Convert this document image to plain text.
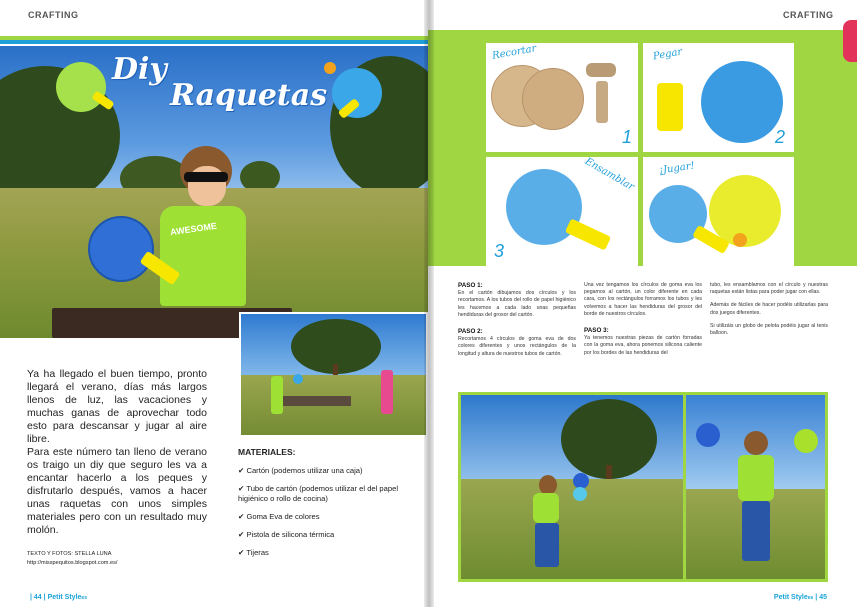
CRAFTING
AWESOME
Diy
Raquetas
Ya ha llegado el buen tiempo, pronto llegará el verano, días más largos llenos de luz, las vacaciones y muchas ganas de aprovechar todo esto para descansar y jugar al aire libre.
Para este número tan lleno de verano os traigo un diy que seguro les va a encantar hacerlo a los peques y disfrutarlo después, vamos a hacer unas raquetas con unos simples materiales pero con un resultado muy molón.
TEXTO Y FOTOS: STELLA LUNA
http://misspequitos.blogspot.com.es/
MATERIALES:
✔ Cartón (podemos utilizar una caja)
✔ Tubo de cartón (podemos utilizar el del papel higiénico o rollo de cocina)
✔ Goma Eva de colores
✔ Pistola de silicona térmica
✔ Tijeras
| 44 | Petit Stylees
CRAFTING
Recortar
1
Pegar
2
Ensamblar
3
¡Jugar!
PASO 1:
En el cartón dibujamos dos círculos y los recortamos. A los tubos del rollo de papel higiénico les hacemos a cada lado unas pequeñas hendiduras del grosor del cartón.
PASO 2:
Recortamos 4 círculos de goma eva de dos colores diferentes y unos rectángulos de la longitud y altura de nuestros tubos de cartón.
Una vez tengamos los círculos de goma eva los pegamos al cartón, un color diferente en cada cara, con los rectángulos forramos los tubos y les volvemos a hacer las hendiduras del grosor del borde de nuestros círculos.
PASO 3:
Ya tenemos nuestras piezas de cartón forradas con la goma eva, ahora ponemos silicona caliente por los bordes de las hendiduras del
tubo, les ensamblamos con el círculo y nuestras raquetas están listas para poder jugar con ellas.
Además de fáciles de hacer podéis utilizarlas para dos juegos diferentes.
Si utilizáis un globo de pelota podéis jugar al tenis balloon.
Petit Stylees | 45
